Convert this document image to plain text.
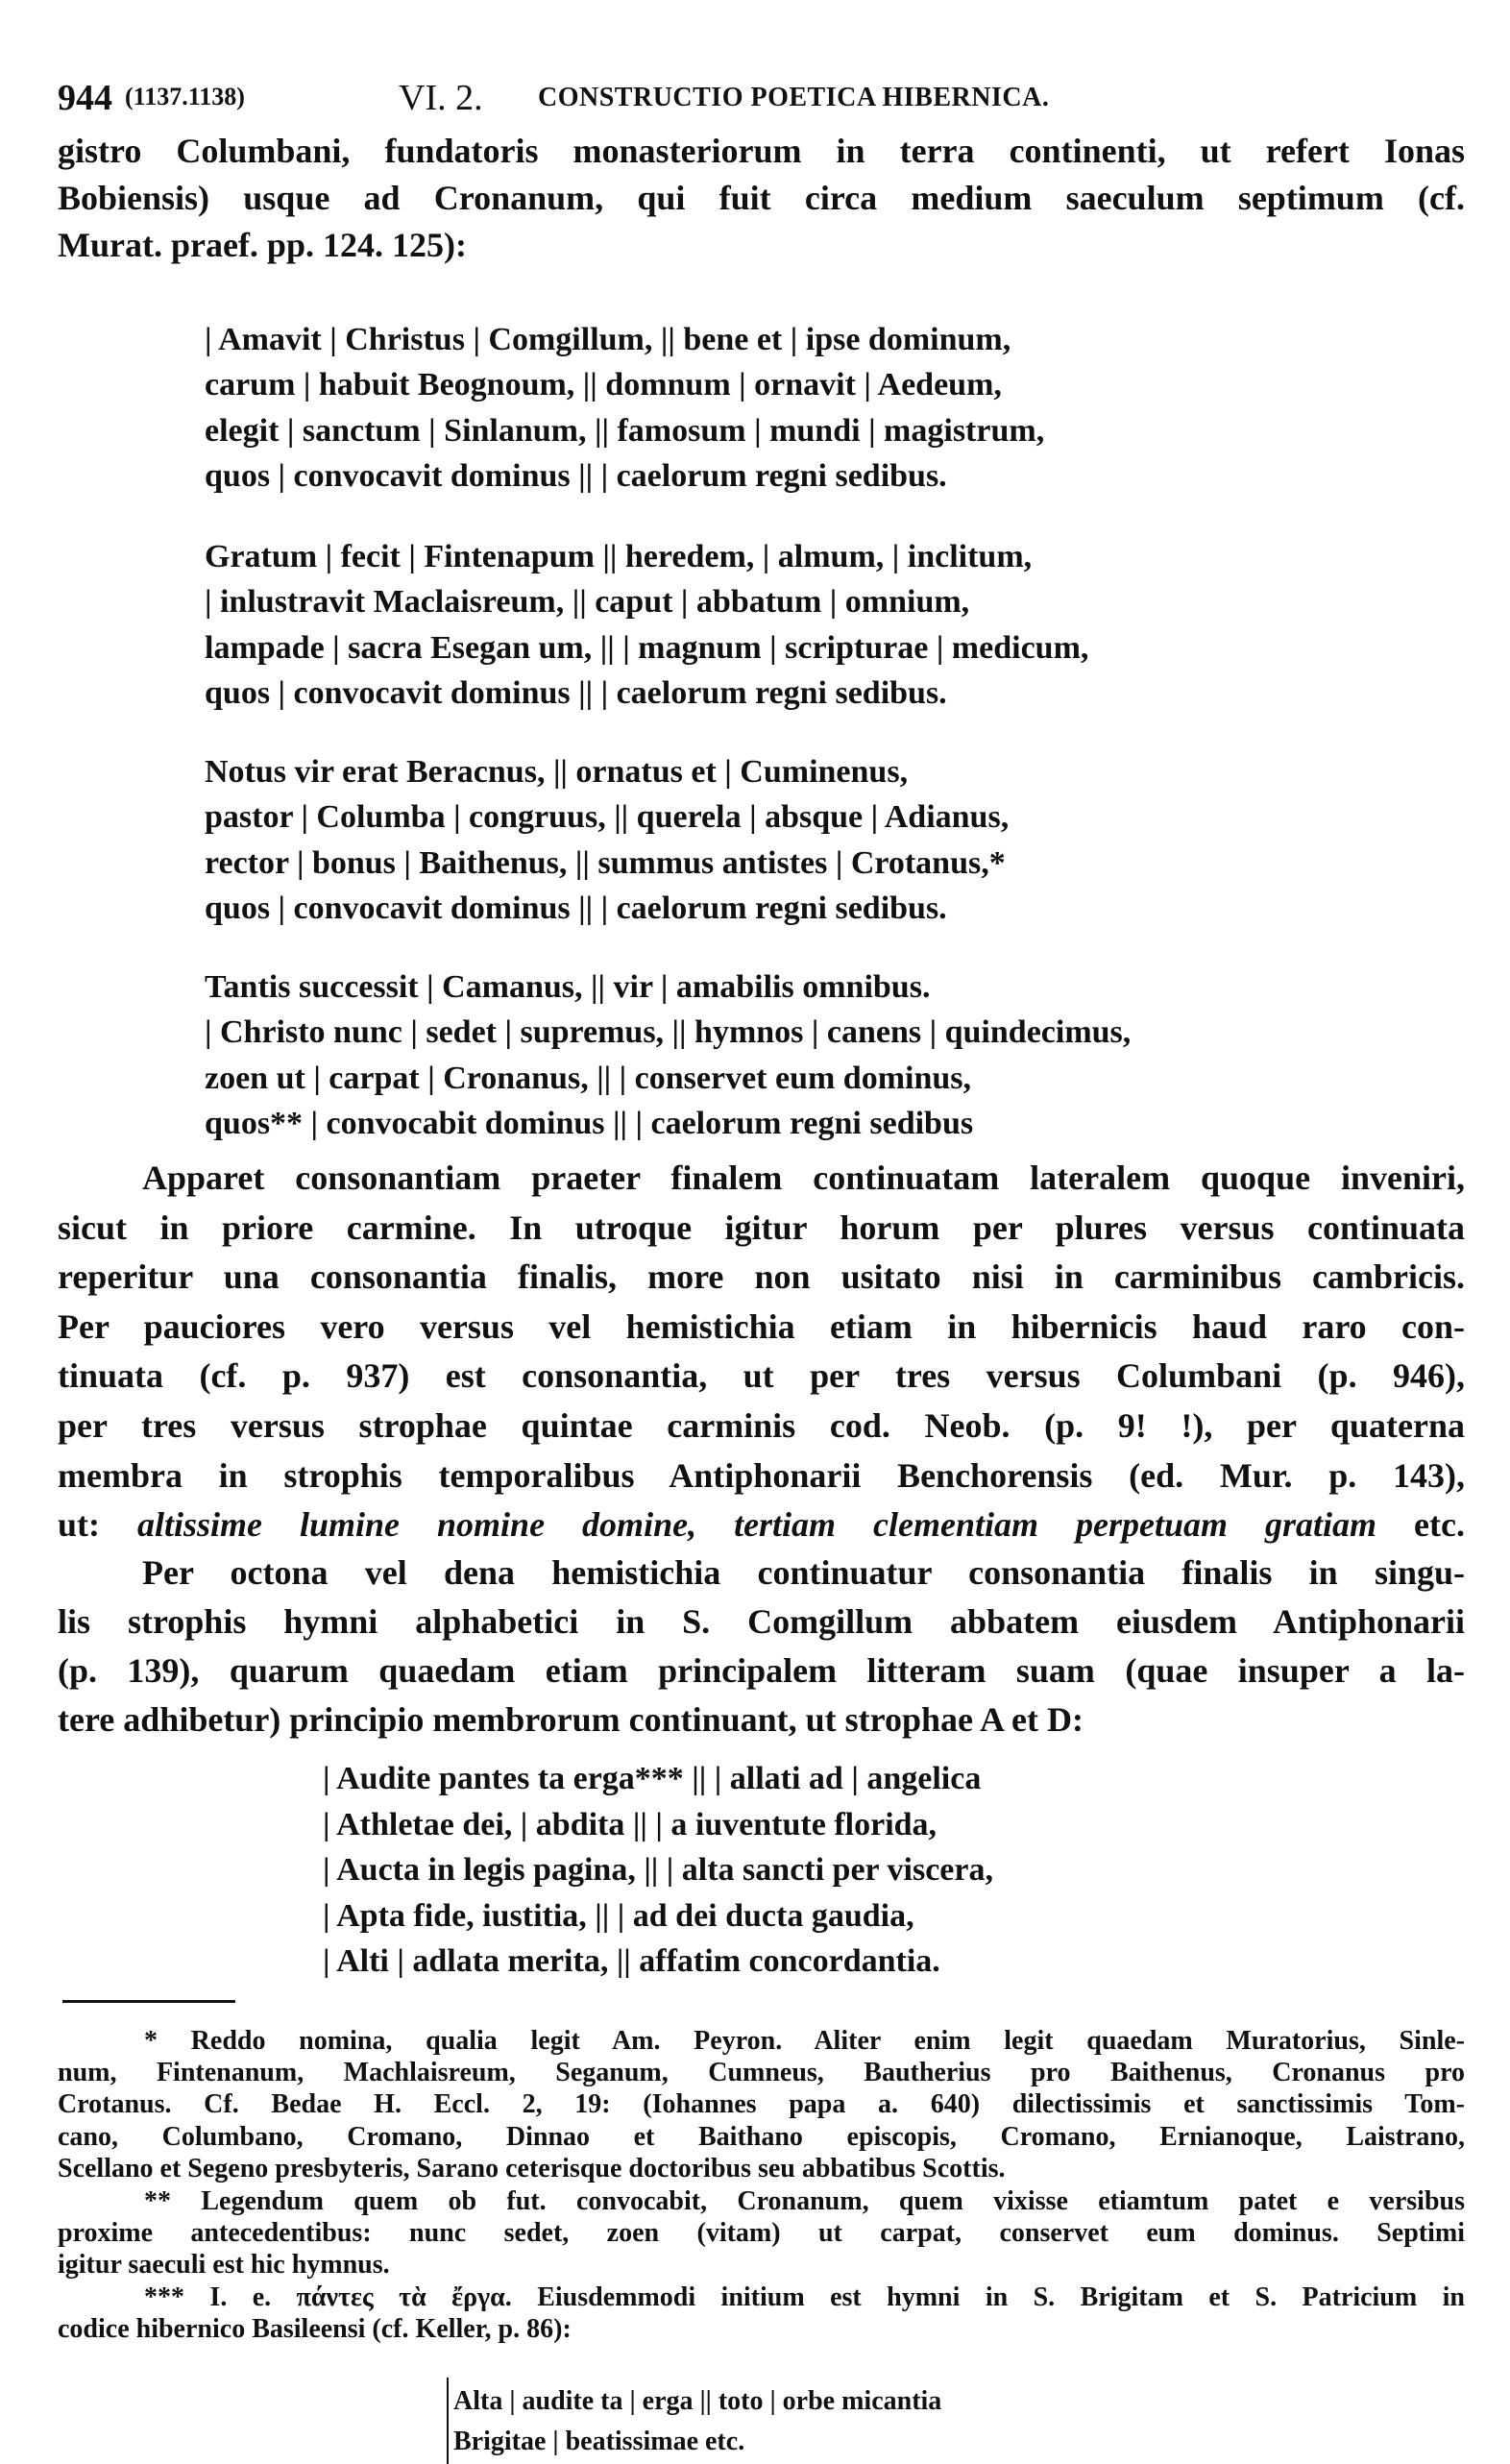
944 (1137.1138)	VI. 2. CONSTRUCTIO POETICA HIBERNICA.
gistro Columbani, fundatoris monasteriorum in terra continenti, ut refert Ionas
Bobiensis) usque ad Cronanum, qui fuit circa medium saeculum septimum (cf.
Murat. praef. pp. 124. 125):
| Amavit | Christus | Comgillum, || bene et | ipse dominum,
carum | habuit Beognoum, || domnum | ornavit | Aedeum,
elegit | sanctum | Sinlanum, || famosum | mundi | magistrum,
quos | convocavit dominus || | caelorum regni sedibus.
Gratum | fecit | Fintenapum || heredem, | almum, | inclitum,
| inlustravit Maclaisreum, || caput | abbatum | omnium,
lampade | sacra Esegan um, || | magnum | scripturae | medicum,
quos | convocavit dominus || | caelorum regni sedibus.
Notus vir erat Beracnus, || ornatus et | Cuminenus,
pastor | Columba | congruus, || querela | absque | Adianus,
rector | bonus | Baithenus, || summus antistes | Crotanus,*
quos | convocavit dominus || | caelorum regni sedibus.
Tantis successit | Camanus, || vir | amabilis omnibus.
| Christo nunc | sedet | supremus, || hymnos | canens | quindecimus,
zoen ut | carpat | Cronanus, || | conservet eum dominus,
quos** | convocabit dominus || | caelorum regni sedibus
Apparet consonantiam praeter finalem continuatam lateralem quoque inveniri,
sicut in priore carmine. In utroque igitur horum per plures versus continuata
reperitur una consonantia finalis, more non usitato nisi in carminibus cambricis.
Per pauciores vero versus vel hemistichia etiam in hibernicis haud raro con-
tinuata (cf. p. 937) est consonantia, ut per tres versus Columbani (p. 946),
per tres versus strophae quintae carminis cod. Neob. (p. 9! !), per quaterna
membra in strophis temporalibus Antiphonarii Benchorensis (ed. Mur. p. 143),
ut: altissime lumine nomine domine, tertiam clementiam perpetuam gratiam etc.
Per octona vel dena hemistichia continuatur consonantia finalis in singu-
lis strophis hymni alphabetici in S. Comgillum abbatem eiusdem Antiphonarii
(p. 139), quarum quaedam etiam principalem litteram suam (quae insuper a la-
tere adhibetur) principio membrorum continuant, ut strophae A et D:
| Audite pantes ta erga*** || | allati ad | angelica
| Athletae dei, | abdita || | a iuventute florida,
| Aucta in legis pagina, || | alta sancti per viscera,
| Apta fide, iustitia, || | ad dei ducta gaudia,
| Alti | adlata merita, || affatim concordantia.
* Reddo nomina, qualia legit Am. Peyron. Aliter enim legit quaedam Muratorius, Sinle-
num, Fintenanum, Machlaisreum, Seganum, Cumneus, Bautherius pro Baithenus, Cronanus pro
Crotanus. Cf. Bedae H. Eccl. 2, 19: (Iohannes papa a. 640) dilectissimis et sanctissimis Tom-
cano, Columbano, Cromano, Dinnao et Baithano episcopis, Cromano, Ernianoque, Laistrano,
Scellano et Segeno presbyteris, Sarano ceterisque doctoribus seu abbatibus Scottis.
** Legendum quem ob fut. convocabit, Cronanum, quem vixisse etiamtum patet e versibus
proxime antecedentibus: nunc sedet, zoen (vitam) ut carpat, conservet eum dominus. Septimi
igitur saeculi est hic hymnus.
*** I. e. πάντες τὰ ἔργα. Eiusdemmodi initium est hymni in S. Brigitam et S. Patricium in
codice hibernico Basileensi (cf. Keller, p. 86):
Alta | audite ta | erga || toto | orbe micantia
Brigitae | beatissimae etc.
